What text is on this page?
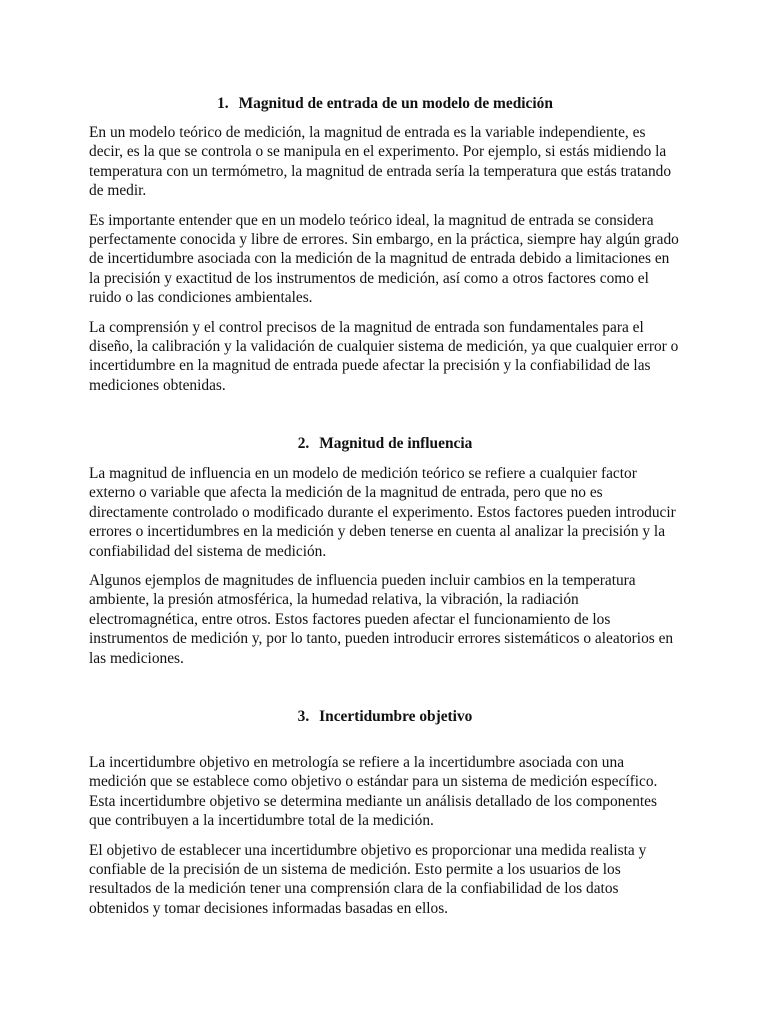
1. Magnitud de entrada de un modelo de medición

En un modelo teórico de medición, la magnitud de entrada es la variable independiente, es decir, es la que se controla o se manipula en el experimento. Por ejemplo, si estás midiendo la temperatura con un termómetro, la magnitud de entrada sería la temperatura que estás tratando de medir.

Es importante entender que en un modelo teórico ideal, la magnitud de entrada se considera perfectamente conocida y libre de errores. Sin embargo, en la práctica, siempre hay algún grado de incertidumbre asociada con la medición de la magnitud de entrada debido a limitaciones en la precisión y exactitud de los instrumentos de medición, así como a otros factores como el ruido o las condiciones ambientales.

La comprensión y el control precisos de la magnitud de entrada son fundamentales para el diseño, la calibración y la validación de cualquier sistema de medición, ya que cualquier error o incertidumbre en la magnitud de entrada puede afectar la precisión y la confiabilidad de las mediciones obtenidas.

2. Magnitud de influencia

La magnitud de influencia en un modelo de medición teórico se refiere a cualquier factor externo o variable que afecta la medición de la magnitud de entrada, pero que no es directamente controlado o modificado durante el experimento. Estos factores pueden introducir errores o incertidumbres en la medición y deben tenerse en cuenta al analizar la precisión y la confiabilidad del sistema de medición.

Algunos ejemplos de magnitudes de influencia pueden incluir cambios en la temperatura ambiente, la presión atmosférica, la humedad relativa, la vibración, la radiación electromagnética, entre otros. Estos factores pueden afectar el funcionamiento de los instrumentos de medición y, por lo tanto, pueden introducir errores sistemáticos o aleatorios en las mediciones.

3. Incertidumbre objetivo

La incertidumbre objetivo en metrología se refiere a la incertidumbre asociada con una medición que se establece como objetivo o estándar para un sistema de medición específico. Esta incertidumbre objetivo se determina mediante un análisis detallado de los componentes que contribuyen a la incertidumbre total de la medición.

El objetivo de establecer una incertidumbre objetivo es proporcionar una medida realista y confiable de la precisión de un sistema de medición. Esto permite a los usuarios de los resultados de la medición tener una comprensión clara de la confiabilidad de los datos obtenidos y tomar decisiones informadas basadas en ellos.
